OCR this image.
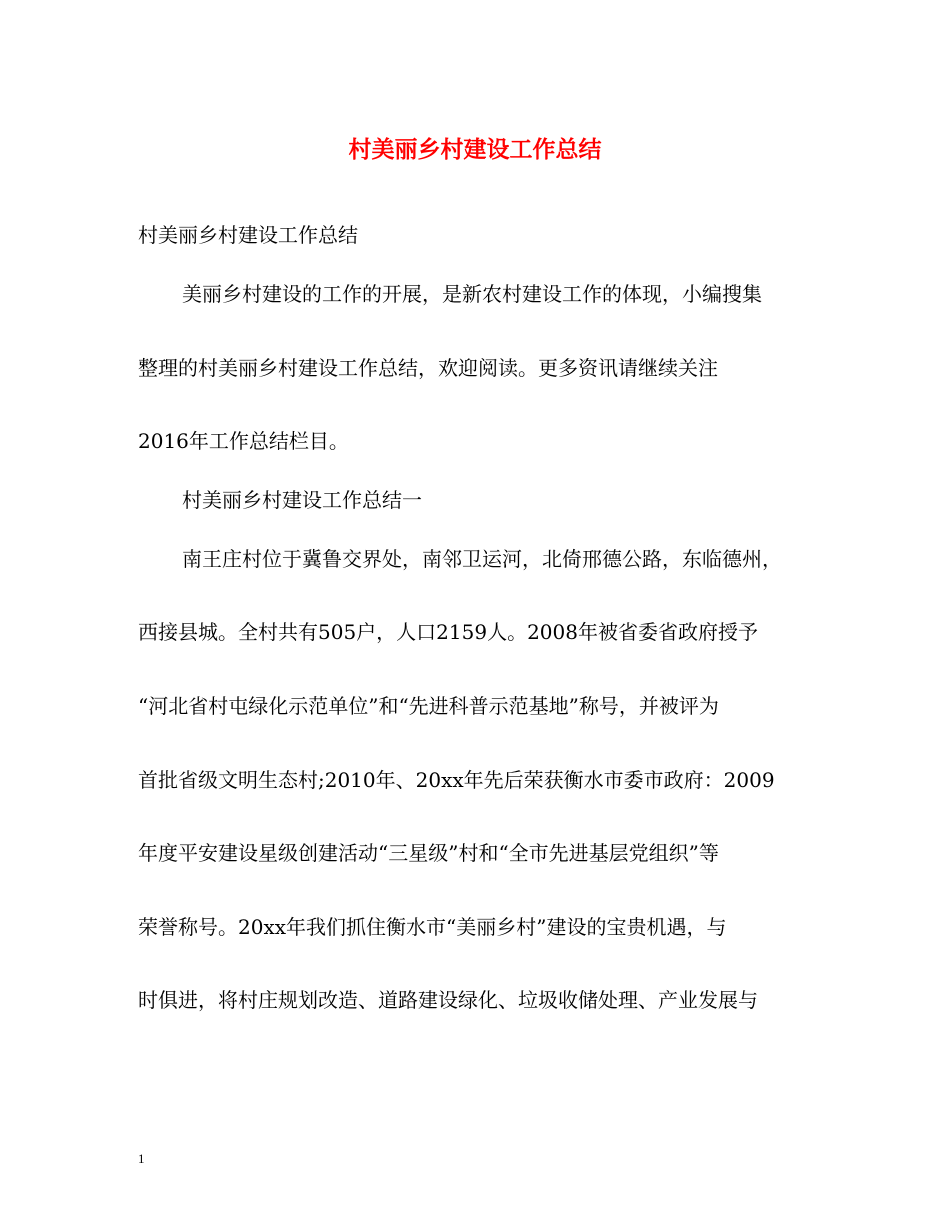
村美丽乡村建设工作总结

村美丽乡村建设工作总结

美丽乡村建设的工作的开展，是新农村建设工作的体现，小编搜集

整理的村美丽乡村建设工作总结，欢迎阅读。更多资讯请继续关注

2016年工作总结栏目。

村美丽乡村建设工作总结一

南王庄村位于冀鲁交界处，南邻卫运河，北倚邢德公路，东临德州，

西接县城。全村共有505户，人口2159人。2008年被省委省政府授予

“河北省村屯绿化示范单位”和“先进科普示范基地”称号，并被评为

首批省级文明生态村;2010年、20xx年先后荣获衡水市委市政府：2009

年度平安建设星级创建活动“三星级”村和“全市先进基层党组织”等

荣誉称号。20xx年我们抓住衡水市“美丽乡村”建设的宝贵机遇，与

时俱进，将村庄规划改造、道路建设绿化、垃圾收储处理、产业发展与

1
